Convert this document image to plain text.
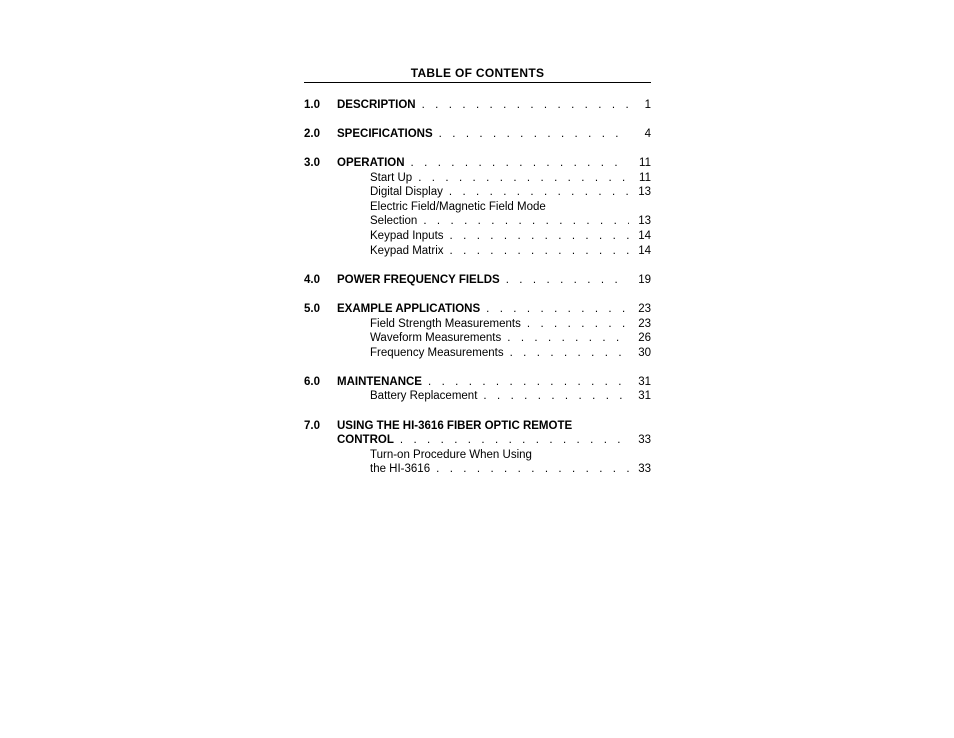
TABLE OF CONTENTS
1.0 DESCRIPTION . . .	1
2.0 SPECIFICATIONS . . .	4
3.0 OPERATION . . .	11
Start Up . . .	11
Digital Display . . .	13
Electric Field/Magnetic Field Mode
Selection . . .	13
Keypad Inputs . . .	14
Keypad Matrix . . .	14
4.0 POWER FREQUENCY FIELDS . . .	19
5.0 EXAMPLE APPLICATIONS . . .	23
Field Strength Measurements . . .	23
Waveform Measurements . . .	26
Frequency Measurements . . .	30
6.0 MAINTENANCE . . .	31
Battery Replacement . . .	31
7.0 USING THE HI-3616 FIBER OPTIC REMOTE
CONTROL . . .	33
Turn-on Procedure When Using
the HI-3616 . . .	33
